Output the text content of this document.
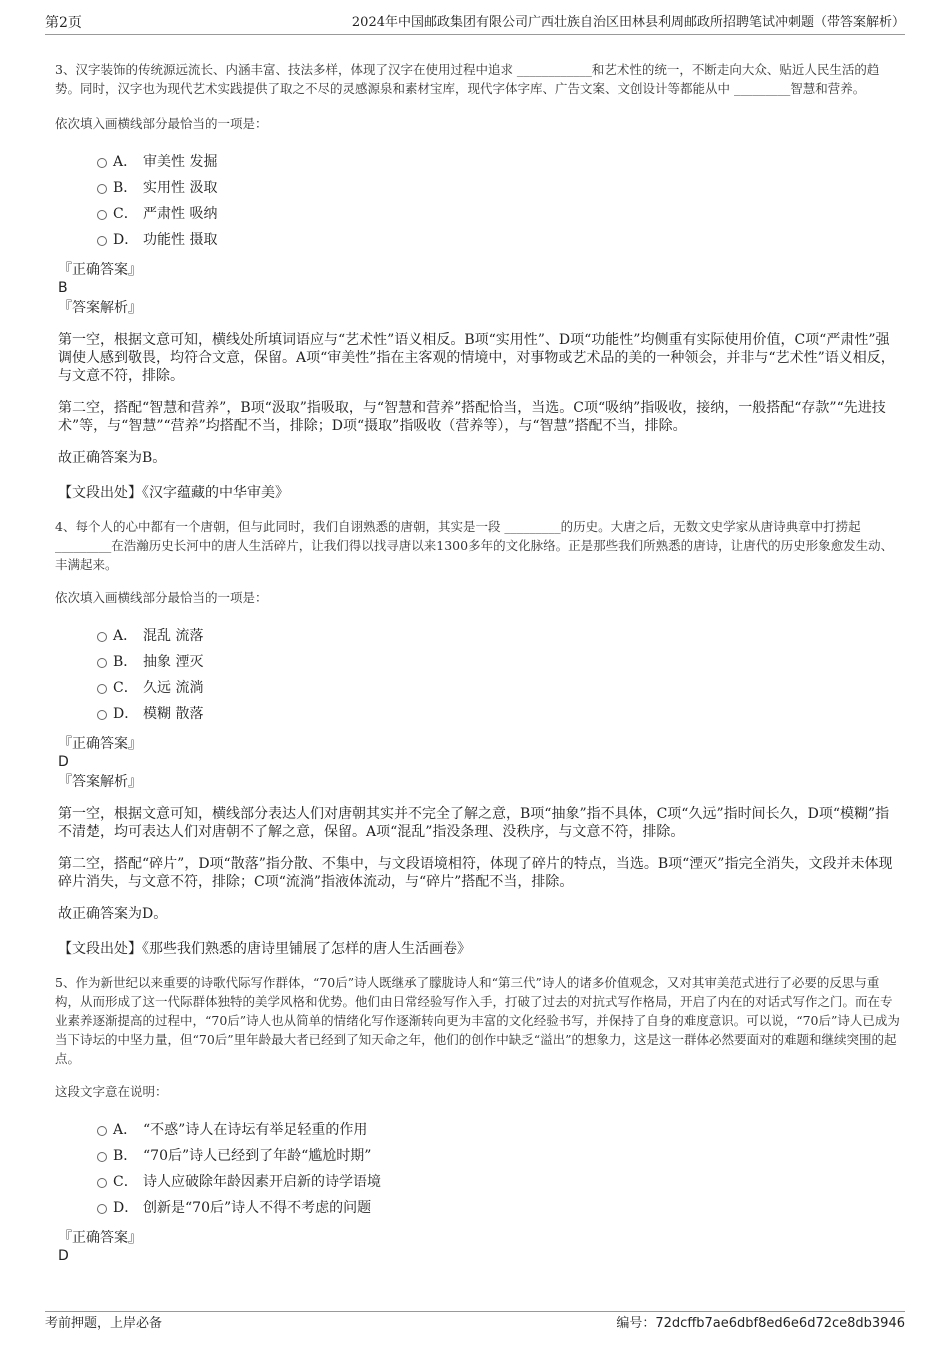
第2页	2024年中国邮政集团有限公司广西壮族自治区田林县利周邮政所招聘笔试冲刺题（带答案解析）

3、汉字装饰的传统源远流长、内涵丰富、技法多样，体现了汉字在使用过程中追求 ____________和艺术性的统一，不断走向大众、贴近人民生活的趋势。同时，汉字也为现代艺术实践提供了取之不尽的灵感源泉和素材宝库，现代字体字库、广告文案、文创设计等都能从中 _________智慧和营养。

依次填入画横线部分最恰当的一项是：

A． 审美性 发掘
B． 实用性 汲取
C． 严肃性 吸纳
D． 功能性 摄取

『正确答案』

B

『答案解析』

第一空，根据文意可知，横线处所填词语应与“艺术性”语义相反。B项“实用性”、D项“功能性”均侧重有实际使用价值，C项“严肃性”强调使人感到敬畏，均符合文意，保留。A项“审美性”指在主客观的情境中，对事物或艺术品的美的一种领会，并非与“艺术性”语义相反，与文意不符，排除。

第二空，搭配“智慧和营养”，B项“汲取”指吸取，与“智慧和营养”搭配恰当，当选。C项“吸纳”指吸收，接纳，一般搭配“存款”“先进技术”等，与“智慧”“营养”均搭配不当，排除；D项“摄取”指吸收（营养等），与“智慧”搭配不当，排除。

故正确答案为B。

【文段出处】《汉字蕴藏的中华审美》

4、每个人的心中都有一个唐朝，但与此同时，我们自诩熟悉的唐朝，其实是一段 _________的历史。大唐之后，无数文史学家从唐诗典章中打捞起 _________在浩瀚历史长河中的唐人生活碎片，让我们得以找寻唐以来1300多年的文化脉络。正是那些我们所熟悉的唐诗，让唐代的历史形象愈发生动、丰满起来。

依次填入画横线部分最恰当的一项是：

A． 混乱 流落
B． 抽象 湮灭
C． 久远 流淌
D． 模糊 散落

『正确答案』

D

『答案解析』

第一空，根据文意可知，横线部分表达人们对唐朝其实并不完全了解之意，B项“抽象”指不具体，C项“久远”指时间长久，D项“模糊”指不清楚，均可表达人们对唐朝不了解之意，保留。A项“混乱”指没条理、没秩序，与文意不符，排除。

第二空，搭配“碎片”，D项“散落”指分散、不集中，与文段语境相符，体现了碎片的特点，当选。B项“湮灭”指完全消失，文段并未体现碎片消失，与文意不符，排除；C项“流淌”指液体流动，与“碎片”搭配不当，排除。

故正确答案为D。

【文段出处】《那些我们熟悉的唐诗里铺展了怎样的唐人生活画卷》

5、作为新世纪以来重要的诗歌代际写作群体，“70后”诗人既继承了朦胧诗人和“第三代”诗人的诸多价值观念，又对其审美范式进行了必要的反思与重构，从而形成了这一代际群体独特的美学风格和优势。他们由日常经验写作入手，打破了过去的对抗式写作格局，开启了内在的对话式写作之门。而在专业素养逐渐提高的过程中，“70后”诗人也从简单的情绪化写作逐渐转向更为丰富的文化经验书写，并保持了自身的难度意识。可以说，“70后”诗人已成为当下诗坛的中坚力量，但“70后”里年龄最大者已经到了知天命之年，他们的创作中缺乏“溢出”的想象力，这是这一群体必然要面对的难题和继续突围的起点。

这段文字意在说明：

A． “不惑”诗人在诗坛有举足轻重的作用
B． “70后”诗人已经到了年龄“尴尬时期”
C． 诗人应破除年龄因素开启新的诗学语境
D． 创新是“70后”诗人不得不考虑的问题

『正确答案』

D

考前押题，上岸必备	编号：72dcffb7ae6dbf8ed6e6d72ce8db3946
